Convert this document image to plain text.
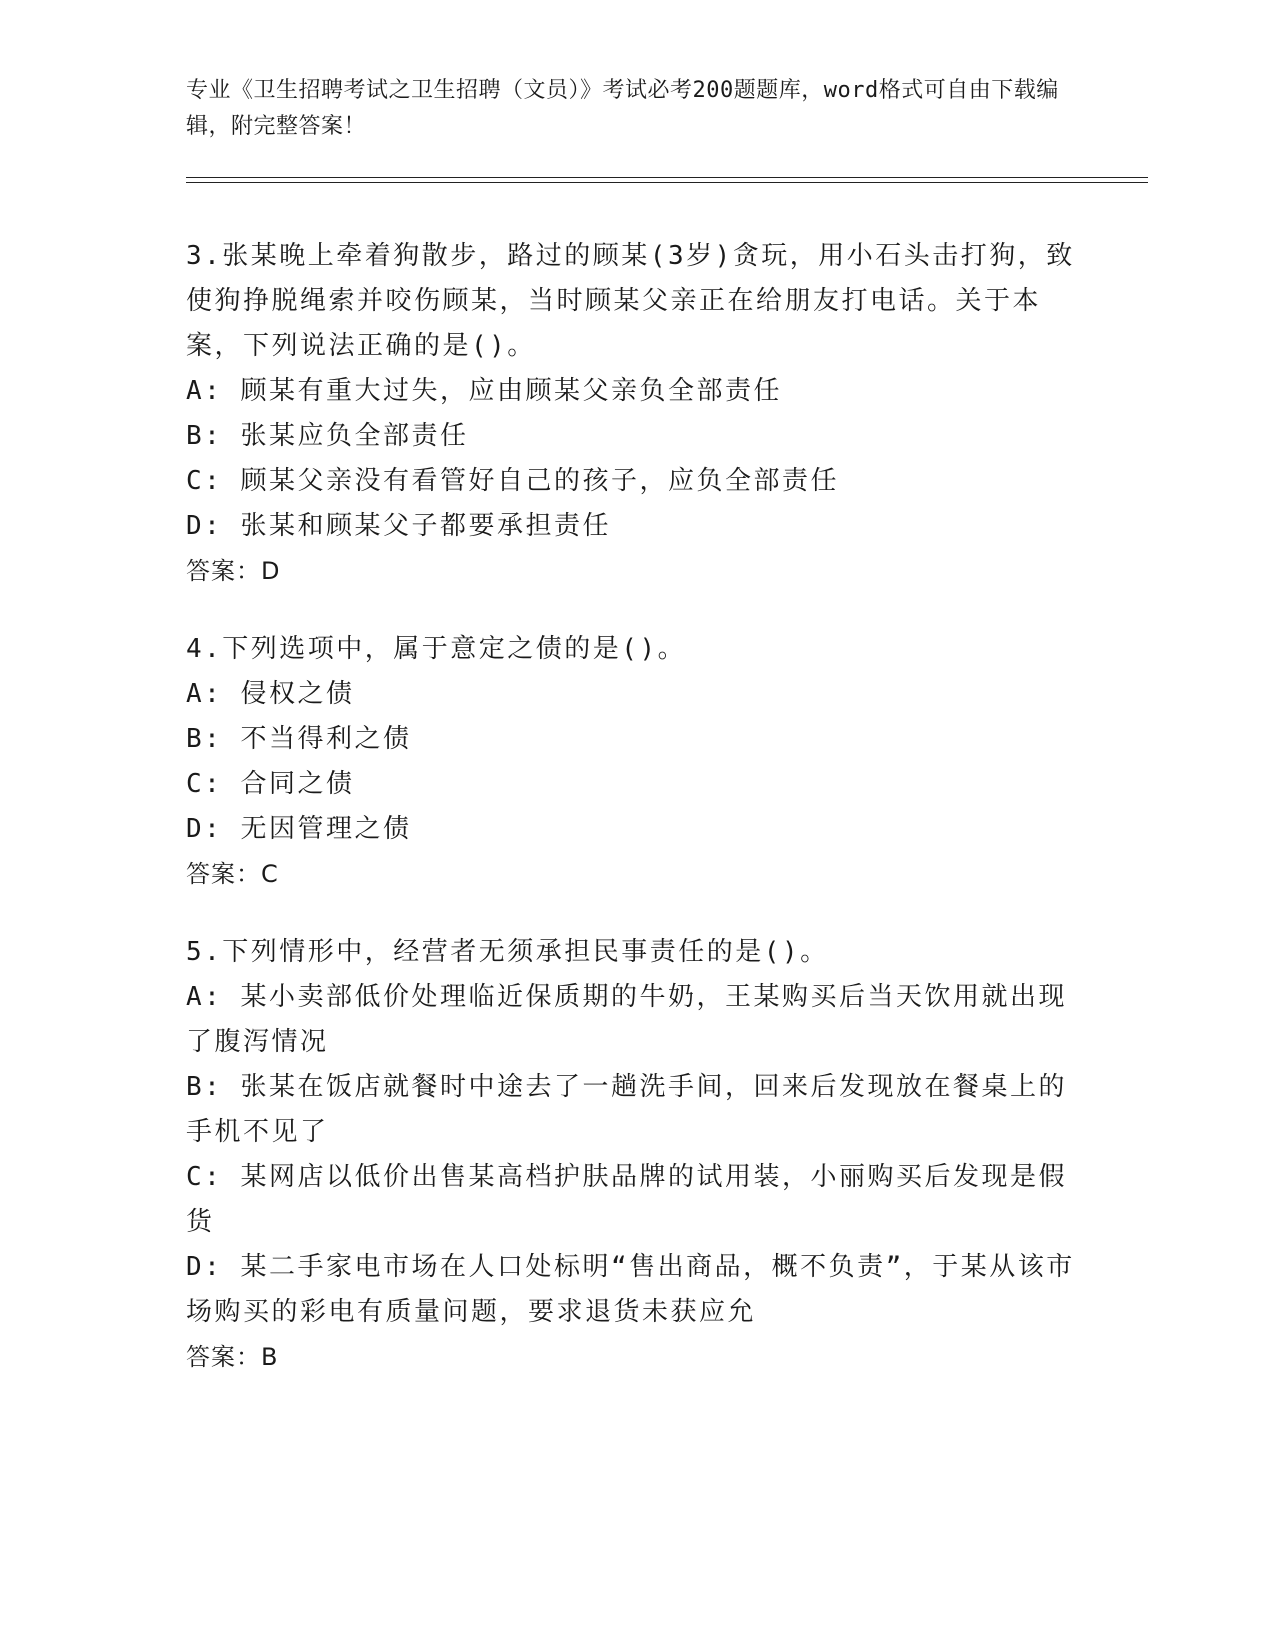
专业《卫生招聘考试之卫生招聘（文员）》考试必考200题题库，word格式可自由下载编辑，附完整答案！
3.张某晚上牵着狗散步，路过的顾某(3岁)贪玩，用小石头击打狗，致使狗挣脱绳索并咬伤顾某，当时顾某父亲正在给朋友打电话。关于本案，下列说法正确的是()。
A: 顾某有重大过失，应由顾某父亲负全部责任
B: 张某应负全部责任
C: 顾某父亲没有看管好自己的孩子，应负全部责任
D: 张某和顾某父子都要承担责任
答案：D
4.下列选项中，属于意定之债的是()。
A: 侵权之债
B: 不当得利之债
C: 合同之债
D: 无因管理之债
答案：C
5.下列情形中，经营者无须承担民事责任的是()。
A: 某小卖部低价处理临近保质期的牛奶，王某购买后当天饮用就出现了腹泻情况
B: 张某在饭店就餐时中途去了一趟洗手间，回来后发现放在餐桌上的手机不见了
C: 某网店以低价出售某高档护肤品牌的试用装，小丽购买后发现是假货
D: 某二手家电市场在人口处标明“售出商品，概不负责”，于某从该市场购买的彩电有质量问题，要求退货未获应允
答案：B
